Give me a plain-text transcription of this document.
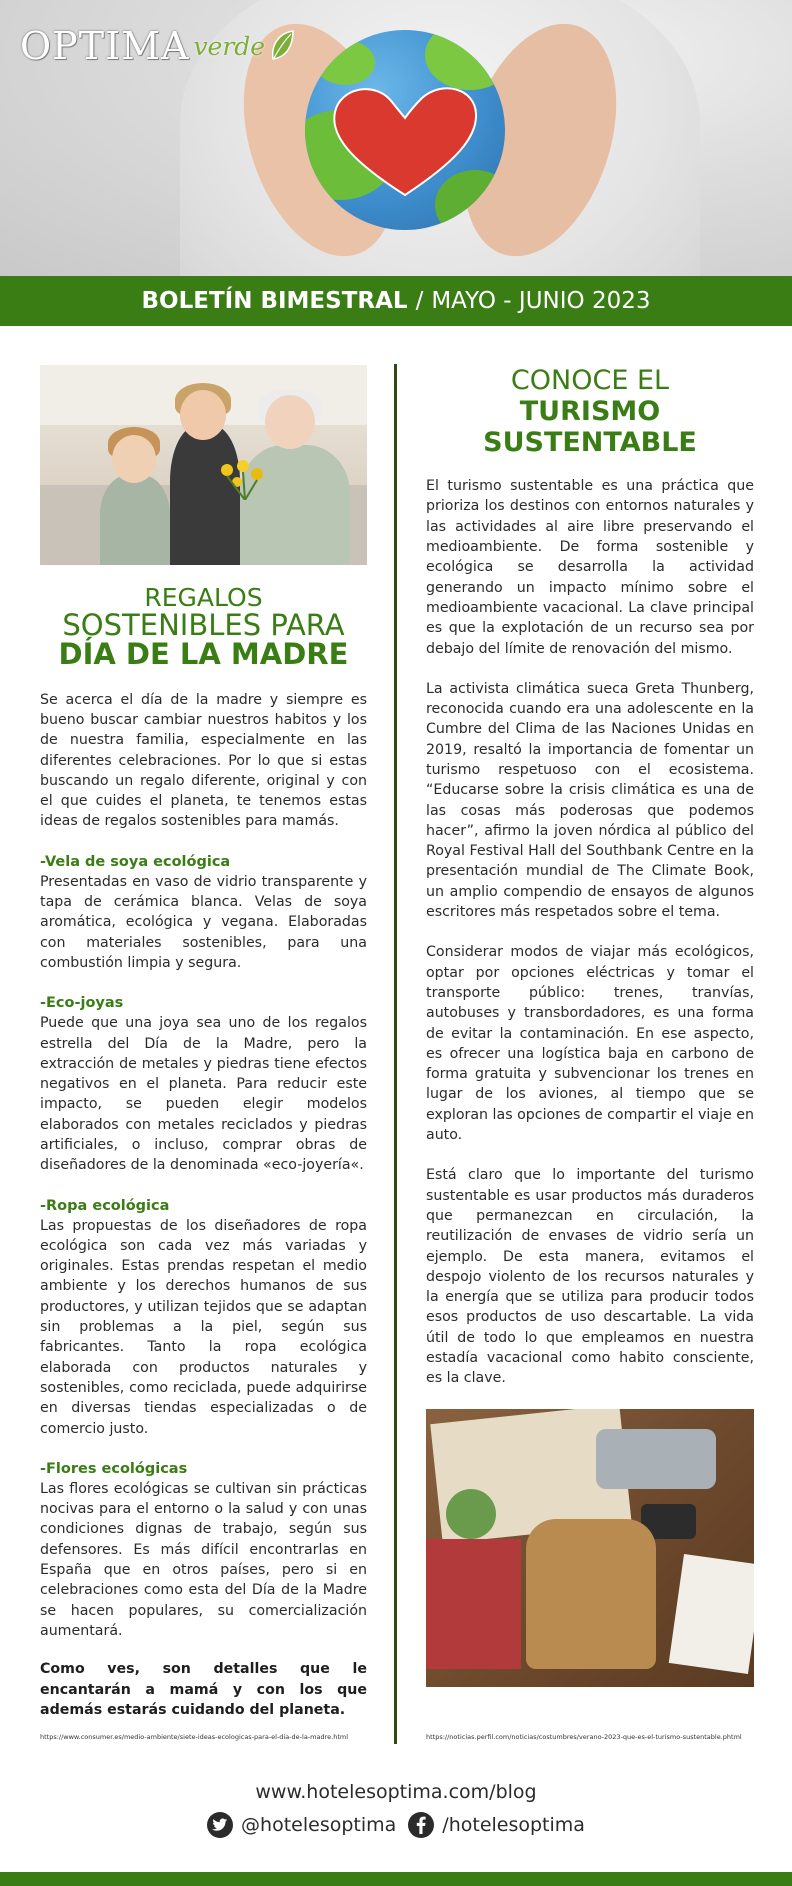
OPTIMA verde
BOLETÍN BIMESTRAL / MAYO - JUNIO 2023
REGALOS
SOSTENIBLES PARA
DÍA DE LA MADRE

Se acerca el día de la madre y siempre es bueno buscar cambiar nuestros habitos y los de nuestra familia, especialmente en las diferentes celebraciones. Por lo que si estas buscando un regalo diferente, original y con el que cuides el planeta, te tenemos estas ideas de regalos sostenibles para mamás.

-Vela de soya ecológica

Presentadas en vaso de vidrio transparente y tapa de cerámica blanca. Velas de soya aromática, ecológica y vegana. Elaboradas con materiales sostenibles, para una combustión limpia y segura.

-Eco-joyas

Puede que una joya sea uno de los regalos estrella del Día de la Madre, pero la extracción de metales y piedras tiene efectos negativos en el planeta. Para reducir este impacto, se pueden elegir modelos elaborados con metales reciclados y piedras artificiales, o incluso, comprar obras de diseñadores de la denominada «eco-joyería«.

-Ropa ecológica

Las propuestas de los diseñadores de ropa ecológica son cada vez más variadas y originales. Estas prendas respetan el medio ambiente y los derechos humanos de sus productores, y utilizan tejidos que se adaptan sin problemas a la piel, según sus fabricantes. Tanto la ropa ecológica elaborada con productos naturales y sostenibles, como reciclada, puede adquirirse en diversas tiendas especializadas o de comercio justo.

-Flores ecológicas

Las flores ecológicas se cultivan sin prácticas nocivas para el entorno o la salud y con unas condiciones dignas de trabajo, según sus defensores. Es más difícil encontrarlas en España que en otros países, pero si en celebraciones como esta del Día de la Madre se hacen populares, su comercialización aumentará.

Como ves, son detalles que le encantarán a mamá y con los que además estarás cuidando del planeta.

CONOCE EL
TURISMO SUSTENTABLE

El turismo sustentable es una práctica que prioriza los destinos con entornos naturales y las actividades al aire libre preservando el medioambiente. De forma sostenible y ecológica se desarrolla la actividad generando un impacto mínimo sobre el medioambiente vacacional. La clave principal es que la explotación de un recurso sea por debajo del límite de renovación del mismo.

La activista climática sueca Greta Thunberg, reconocida cuando era una adolescente en la Cumbre del Clima de las Naciones Unidas en 2019, resaltó la importancia de fomentar un turismo respetuoso con el ecosistema. “Educarse sobre la crisis climática es una de las cosas más poderosas que podemos hacer”, afirmo la joven nórdica al público del Royal Festival Hall del Southbank Centre en la presentación mundial de The Climate Book, un amplio compendio de ensayos de algunos escritores más respetados sobre el tema.

Considerar modos de viajar más ecológicos, optar por opciones eléctricas y tomar el transporte público: trenes, tranvías, autobuses y transbordadores, es una forma de evitar la contaminación. En ese aspecto, es ofrecer una logística baja en carbono de forma gratuita y subvencionar los trenes en lugar de los aviones, al tiempo que se exploran las opciones de compartir el viaje en auto.

Está claro que lo importante del turismo sustentable es usar productos más duraderos que permanezcan en circulación, la reutilización de envases de vidrio sería un ejemplo. De esta manera, evitamos el despojo violento de los recursos naturales y la energía que se utiliza para producir todos esos productos de uso descartable. La vida útil de todo lo que empleamos en nuestra estadía vacacional como habito consciente, es la clave.

https://www.consumer.es/medio-ambiente/siete-ideas-ecologicas-para-el-dia-de-la-madre.html	https://noticias.perfil.com/noticias/costumbres/verano-2023-que-es-el-turismo-sustentable.phtml
www.hotelesoptima.com/blog
@hotelesoptima /hotelesoptima
